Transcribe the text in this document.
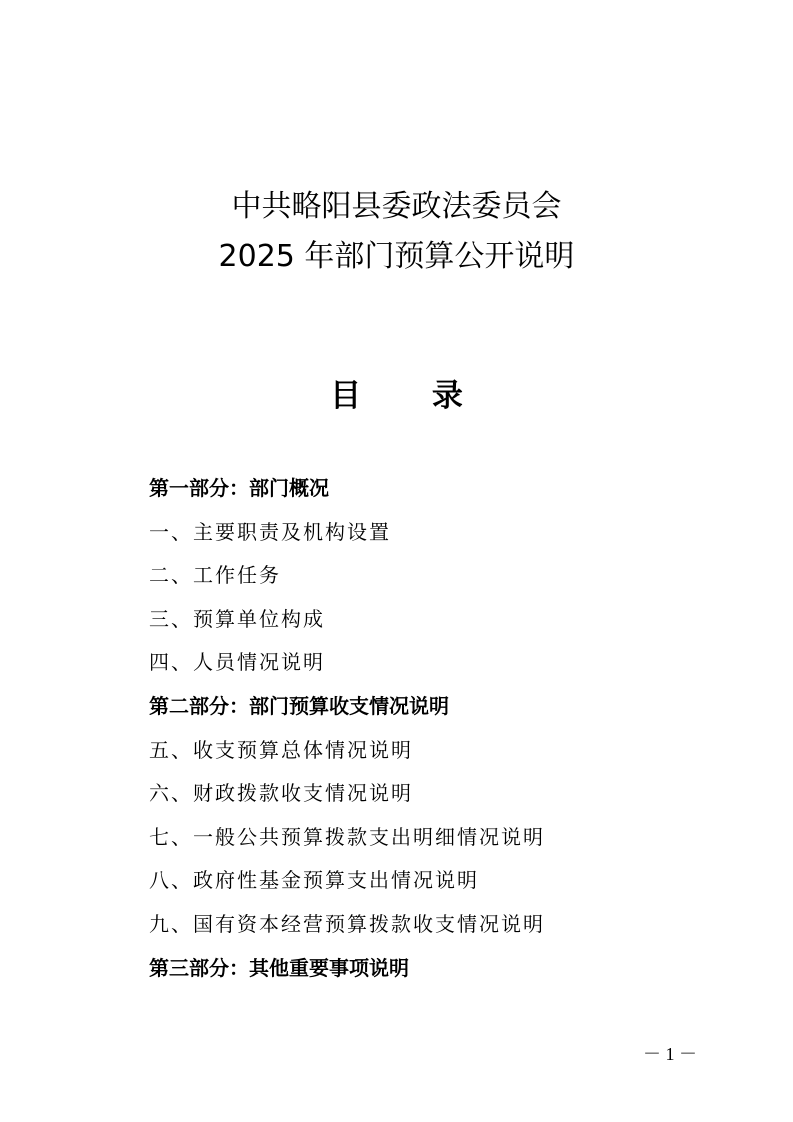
中共略阳县委政法委员会
2025 年部门预算公开说明
目 录
第一部分：部门概况
一、主要职责及机构设置
二、工作任务
三、预算单位构成
四、人员情况说明
第二部分：部门预算收支情况说明
五、收支预算总体情况说明
六、财政拨款收支情况说明
七、一般公共预算拨款支出明细情况说明
八、政府性基金预算支出情况说明
九、国有资本经营预算拨款收支情况说明
第三部分：其他重要事项说明
－ 1 －
